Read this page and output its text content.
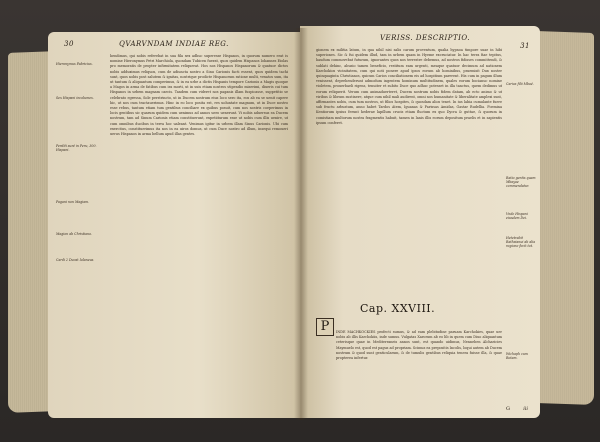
30	QVARVNDAM INDIAE REG.
Hieronymus Fabricius.
Sex Hispani incolumes.
Perditi sunt in Peru, 300. Hispani.
Pagani non Magiam.
Magion ab Christiano.
Cardi 2 Ducat Iolaneus.
hendimus, qui nobis referebat in sua fila sex adhuc superesse Hispanos, in quorum numero erat is nomine Hieronymus Petri Marchiola, quondam Tubicen fuerat, quos quidem Hispanos Iohannes Eiolas pro memoratis de propter infirmitatem reliquerat. Hos nos Hispanos Hispanorum & quatuor dictos nobis adduximus reliquos, cum de adiuncta nostro a Sinu Carionis facti essent, quos quidem tachi sunt, quos nobis post salutem & ignitas, nostrique prodicte Hispanorum ratione multi, vexatos sum, ita ut tantum & aliquantum comperimus, & in ea urbe a dictis Hispanis tempore Carionis a Magis quoque a Magos in arma de fatibus cum ira morti, ut in suis etiam nostros stipendio miserimi, diueris cui tum Hispanos in urbem magnam caecis. Tandem cum videret nos paganis illam fuspicasse, suppetitio se celebrato egressa, Sole perstrincto, ut in Ducem nostrum eius loco sero ita, eos ab ea se uenit capere hic, ut nos cum tractauerimus. Hinc in eo loco posita est, res uoluntate magnum, ut in Duce nostro esse rebus, tantum etiam tum gentibus conciliare ex quibus posuit, cum nos nostris coeperimus in locis gentibus sic quarum quidem cum uenimus ad annos uero uenerunt. Vi nobis aduersus ea Ducem nostrum, tam ad Sinum Carionis etiam constituerunt, expetiiturum esse ut nobis cum illis uenire, ut cum omnibus ducibus in terra hoc ualeant. Venimus igitur in urbem illam Sinus Carionis. Ubi cum exercitus, constituerimus ita nos in ea uiros domus, ut cum Duce nostro ad illum, insequi remoueri uerus Hispanos in arma bellum apud illas gentes.
VERISS. DESCRIPTIO.
31
Carios filii Mbaé.
Ratio gentis quam Mbayae commendatur.
Vnde Hispani eiusdem Dei.
Hetetrabit Rathsianui ab alia regione fecit tot.
Wichaph cum Rotam.
gionem ex militia latum, in qua nihil nisi salis carum proventum, qualia hypnoa timpore suae in hibi superiones. Sic & fui quidem illud, tam in urbem quam in Hyeme excruciatur. In hac terra fiae tepitus, haudum commovebat futurum, ignorantes quos nos terrestre debemus, ad nostros fidisses committendi, & sublati dehinc, abusio tamen beneficio, restitum eam urgenti, meaque quatuor decimum ad nationem Karchokios vicinitatem, cum qui noti ponere apud ipsos eorum ab hominibus, praemisit Dux noster quinquaginta Christianos, quicum Carios conciliationem eis ad hospitium parerent. His cum in pagum illum venissent, deprehenderunt admodum ingentem hominum multitudinem, quales eorum bocianuc nomine violetem, prouerbaeli rigens, tenuiter et subito Duce quo adhuc potesset in illa tanctus, quem dedimus ut eorum reliquerit. Verum cum animaduerteret, Ducem nostrum nobis fidem datam, ab ecto animo & ut viribus & librum sustinere, atque cum nihil mali audirent, omni nos humanitate & liberalitate amplexi sunt, affirmantes nobis, cum tum nostros, ut filios hospites, & quosdam alios tenet. In ius labia cumulante fuere sub fructu arbustum, anno habet Tardos Atem, Iguanas & Parissas Amidas, Gastar Rudellia. Foemina Kentiorum ipsius ferunt hederae lapillum crucis etiam fluctum ex quo Dycra & guttae, & quorum in comistiam multorum nostra fragmentis habuit, tamen in lanis illis eorum depositum praelis et in sapientis ipsum conferet.
Cap. XXVIII.
P	INDE MACHKOCKIES profecti sumus, & ad eam plebitudine paruam Karchokies, quae uer nobis ab illis Karchokiis, inde sumus. Vulgatas Xarorum ab eo lib in quem cum Diuo aliquantum ceterisque quae in Mediterraneis annos sunt, est quando uidimus, Nenneben Alcharicies Maymuelo est, quod est pagus ad propriam. Scimus ea prepositis Incolis, loqui autem ab Ducem nostrum & quod sunt genticularum, & de tumulis gentibus reliquia tenera fuisse illa, & quae propterea infertur.
G	iii
